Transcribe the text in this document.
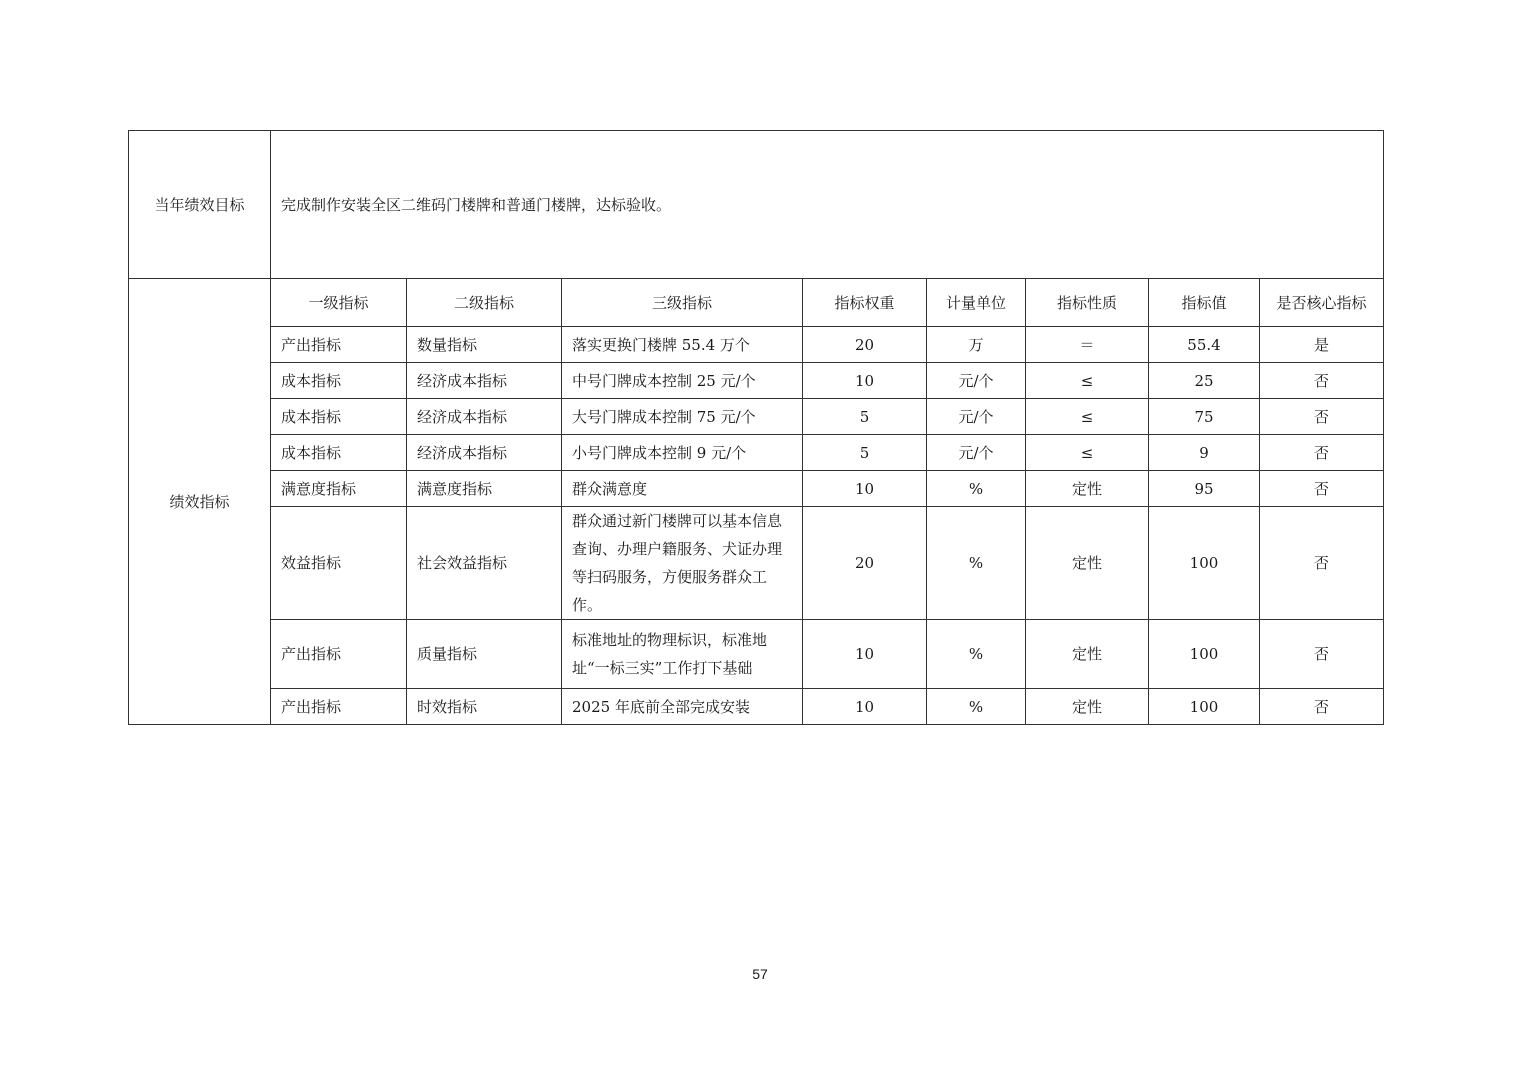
当年绩效目标	完成制作安装全区二维码门楼牌和普通门楼牌，达标验收。							
绩效指标	一级指标	二级指标	三级指标	指标权重	计量单位	指标性质	指标值	是否核心指标
	产出指标	数量指标	落实更换门楼牌 55.4 万个	20	万	＝	55.4	是
	成本指标	经济成本指标	中号门牌成本控制 25 元/个	10	元/个	≤	25	否
	成本指标	经济成本指标	大号门牌成本控制 75 元/个	5	元/个	≤	75	否
	成本指标	经济成本指标	小号门牌成本控制 9 元/个	5	元/个	≤	9	否
	满意度指标	满意度指标	群众满意度	10	%	定性	95	否
	效益指标	社会效益指标	群众通过新门楼牌可以基本信息查询、办理户籍服务、犬证办理等扫码服务，方便服务群众工作。	20	%	定性	100	否
	产出指标	质量指标	标准地址的物理标识，标准地址“一标三实”工作打下基础	10	%	定性	100	否
	产出指标	时效指标	2025 年底前全部完成安装	10	%	定性	100	否
57
